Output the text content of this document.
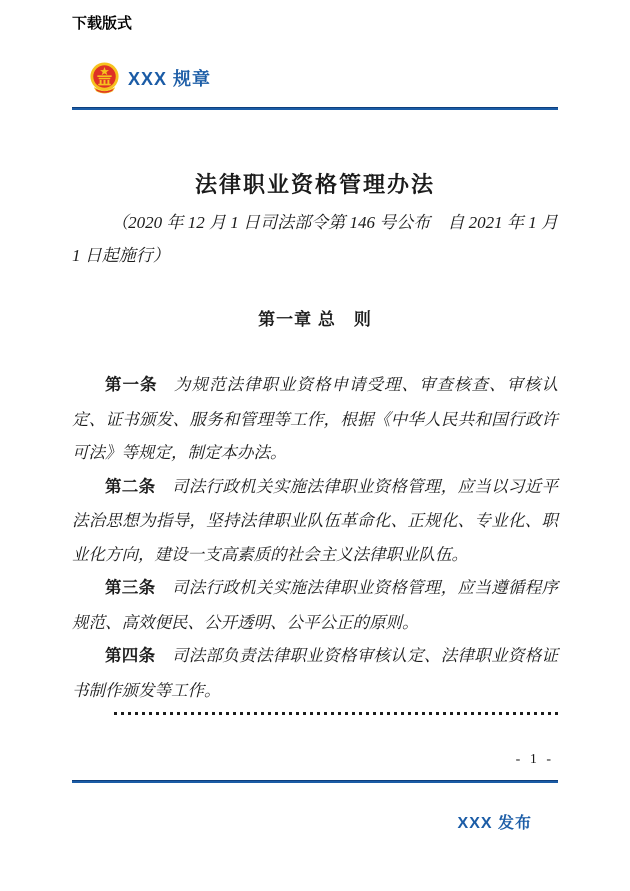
下载版式
XXX 规章
法律职业资格管理办法

（2020 年 12 月 1 日司法部令第 146 号公布　自 2021 年 1 月 1 日起施行）

第一章 总　则

第一条 为规范法律职业资格申请受理、审查核查、审核认定、证书颁发、服务和管理等工作，根据《中华人民共和国行政许可法》等规定，制定本办法。

第二条 司法行政机关实施法律职业资格管理，应当以习近平法治思想为指导，坚持法律职业队伍革命化、正规化、专业化、职业化方向，建设一支高素质的社会主义法律职业队伍。

第三条 司法行政机关实施法律职业资格管理，应当遵循程序规范、高效便民、公开透明、公平公正的原则。

第四条 司法部负责法律职业资格审核认定、法律职业资格证书制作颁发等工作。

- 1 -

XXX 发布
